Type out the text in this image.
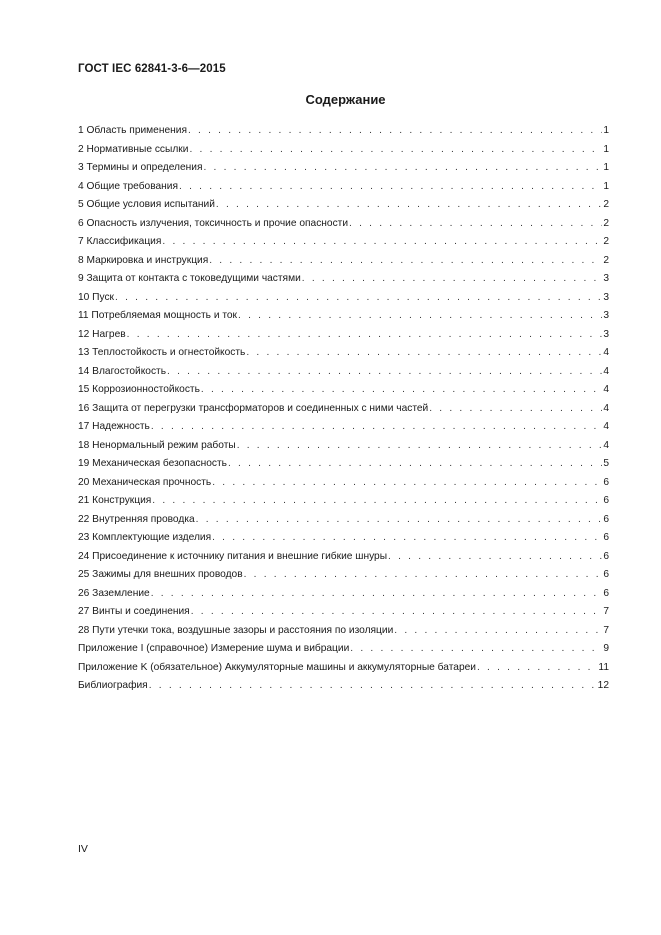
ГОСТ IEC 62841-3-6—2015
Содержание
1 Область применения . . .	1
2 Нормативные ссылки . . .	1
3 Термины и определения . . .	1
4 Общие требования . . .	1
5 Общие условия испытаний . . .	2
6 Опасность излучения, токсичность и прочие опасности . . .	2
7 Классификация . . .	2
8 Маркировка и инструкция . . .	2
9 Защита от контакта с токоведущими частями . . .	3
10 Пуск . . .	3
11 Потребляемая мощность и ток . . .	3
12 Нагрев . . .	3
13 Теплостойкость и огнестойкость . . .	4
14 Влагостойкость . . .	4
15 Коррозионностойкость . . .	4
16 Защита от перегрузки трансформаторов и соединенных с ними частей . . .	4
17 Надежность . . .	4
18 Ненормальный режим работы . . .	4
19 Механическая безопасность . . .	5
20 Механическая прочность . . .	6
21 Конструкция . . .	6
22 Внутренняя проводка . . .	6
23 Комплектующие изделия . . .	6
24 Присоединение к источнику питания и внешние гибкие шнуры . . .	6
25 Зажимы для внешних проводов . . .	6
26 Заземление . . .	6
27 Винты и соединения . . .	7
28 Пути утечки тока, воздушные зазоры и расстояния по изоляции . . .	7
Приложение I (справочное) Измерение шума и вибрации . . .	9
Приложение K (обязательное) Аккумуляторные машины и аккумуляторные батареи . . .	11
Библиография . . .	12
IV
